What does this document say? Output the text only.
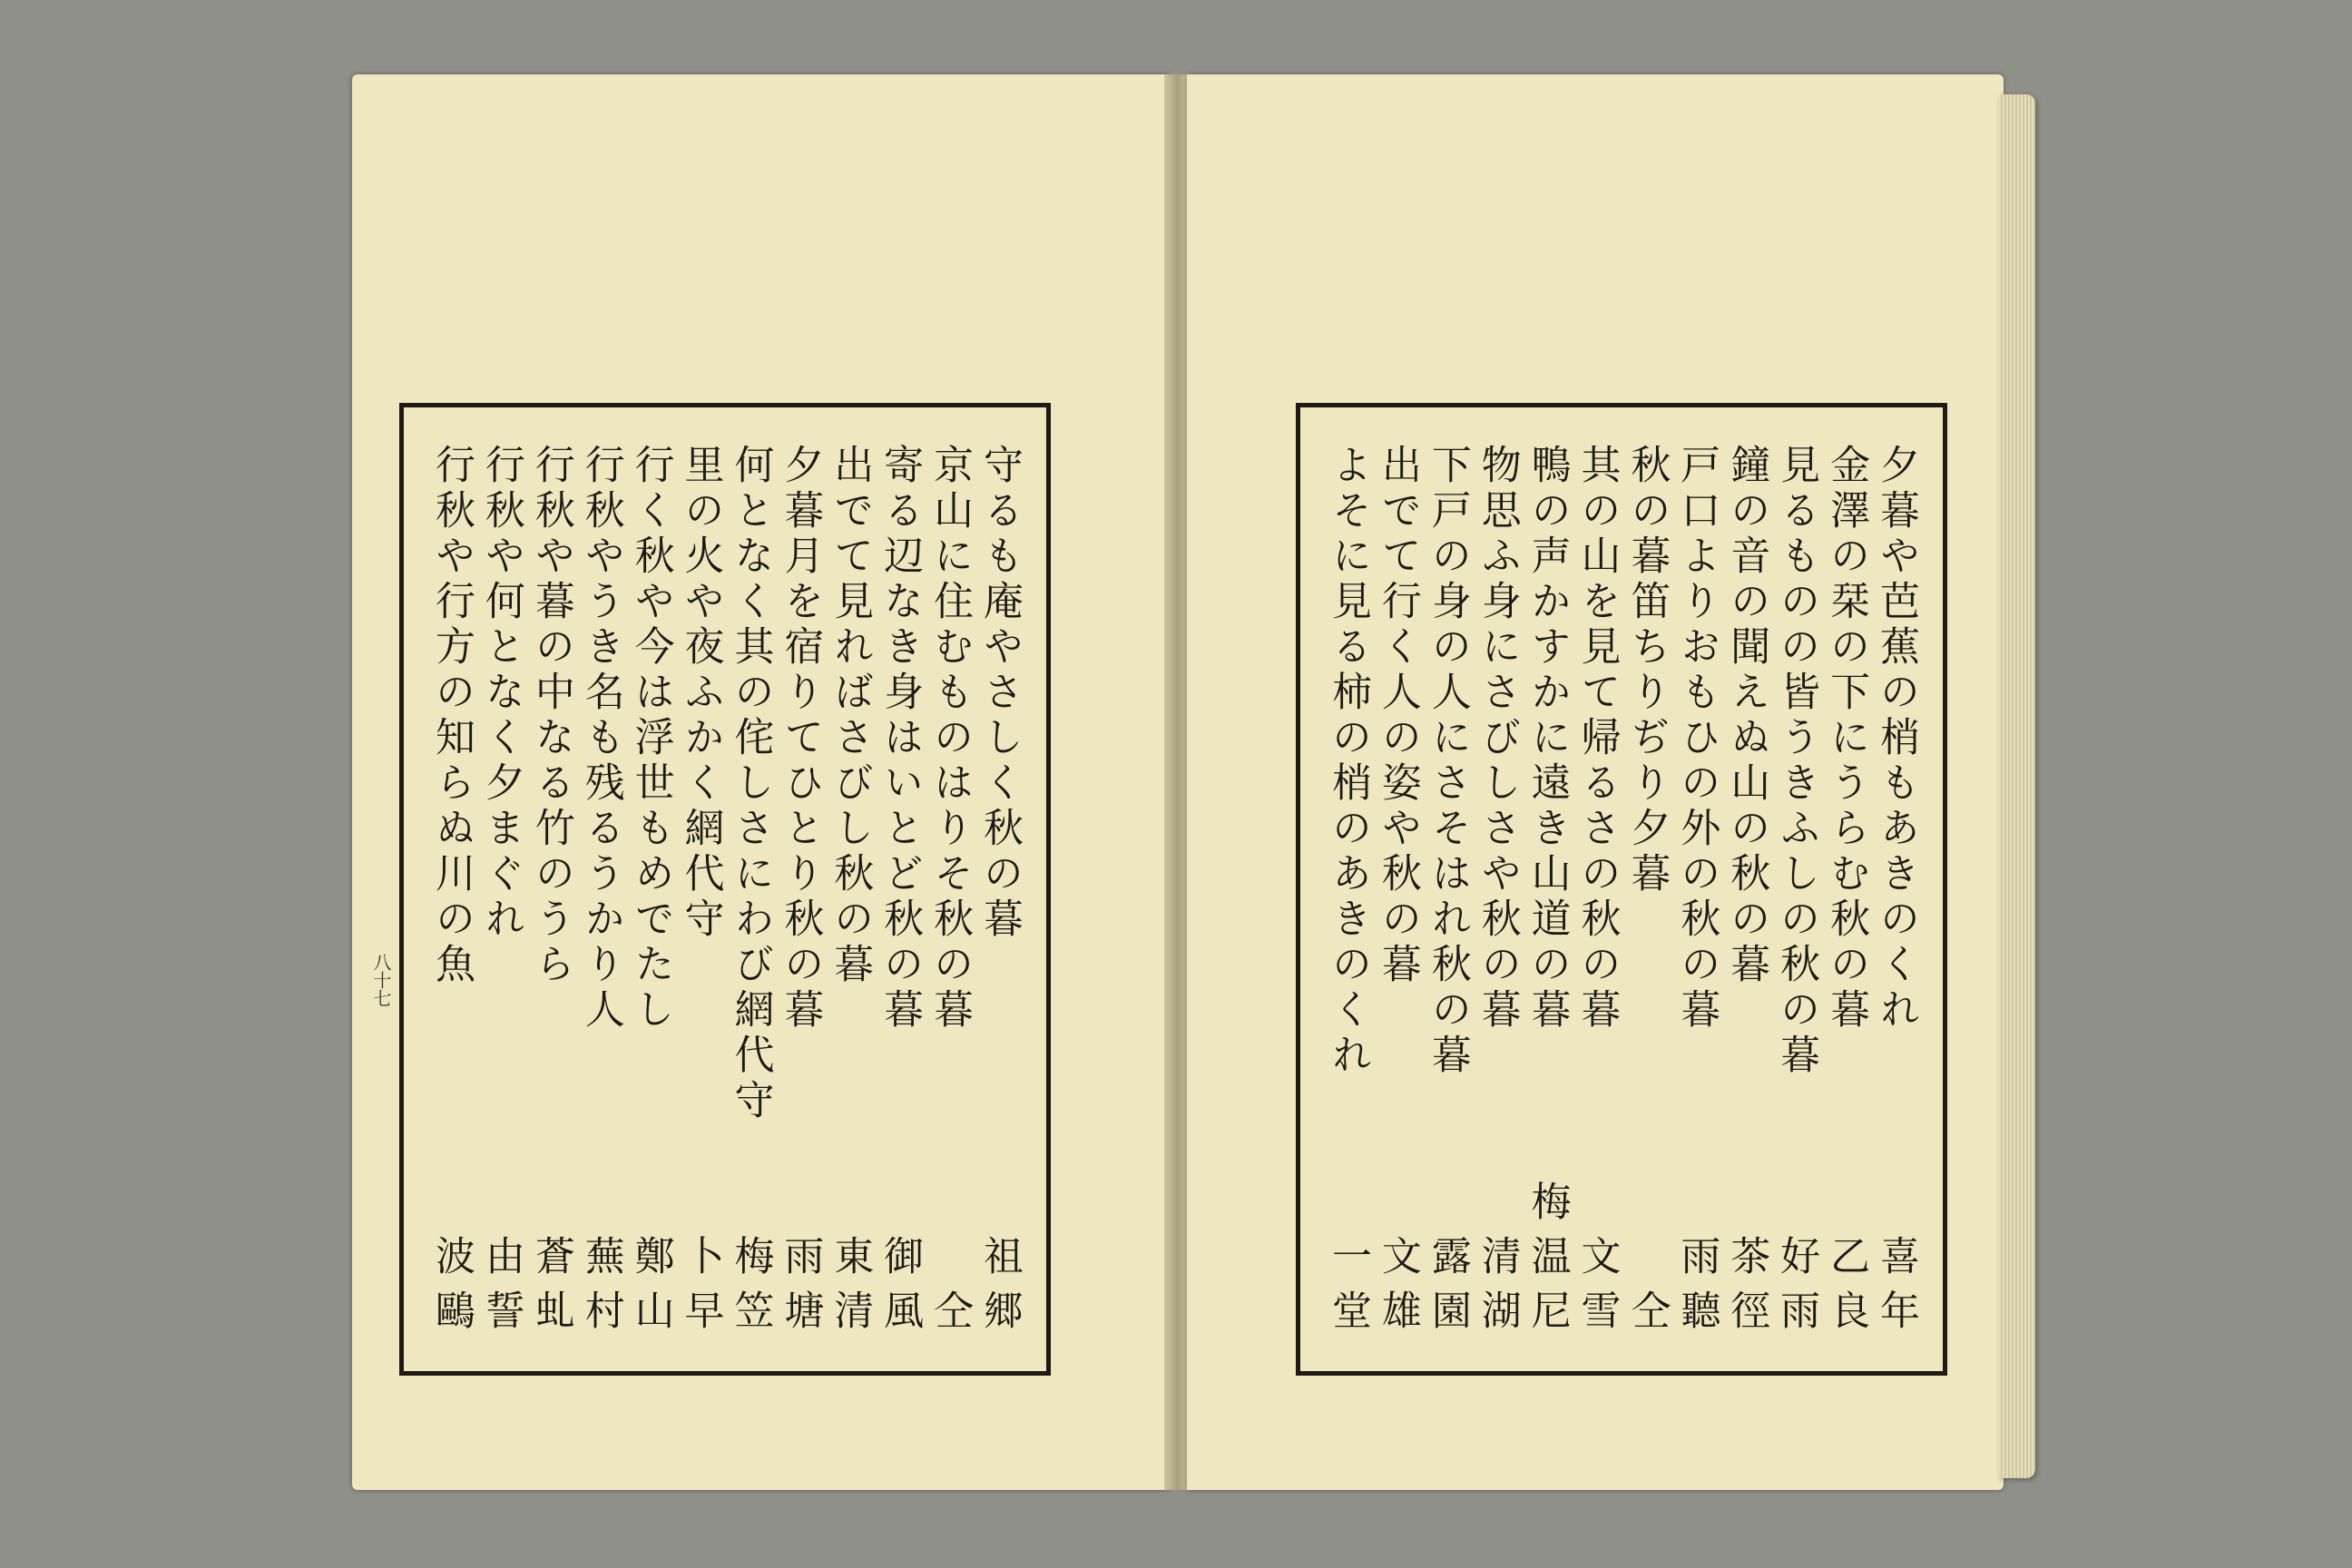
守るも庵やさしく秋の暮
祖郷
京山に住むものはりそ秋の暮
仝
寄る辺なき身はいとど秋の暮
御風
出でて見ればさびし秋の暮
東清
夕暮月を宿りてひとり秋の暮
雨塘
何となく其の侘しさにわび網代守
梅笠
里の火や夜ふかく網代守
卜早
行く秋や今は浮世もめでたし
鄭山
行秋やうき名も残るうかり人
蕪村
行秋や暮の中なる竹のうら
蒼虬
行秋や何となく夕まぐれ
由誓
行秋や行方の知らぬ川の魚
波鷗
八十七	夕暮や芭蕉の梢もあきのくれ
喜年
金澤の栞の下にうらむ秋の暮
乙良
見るものの皆うきふしの秋の暮
好雨
鐘の音の聞えぬ山の秋の暮
茶徑
戸口よりおもひの外の秋の暮
雨聽
秋の暮笛ちりぢり夕暮
仝
其の山を見て帰るさの秋の暮
文雪
鴨の声かすかに遠き山道の暮
梅温尼
物思ふ身にさびしさや秋の暮
清湖
下戸の身の人にさそはれ秋の暮
露園
出でて行く人の姿や秋の暮
文雄
よそに見る柿の梢のあきのくれ
一堂
